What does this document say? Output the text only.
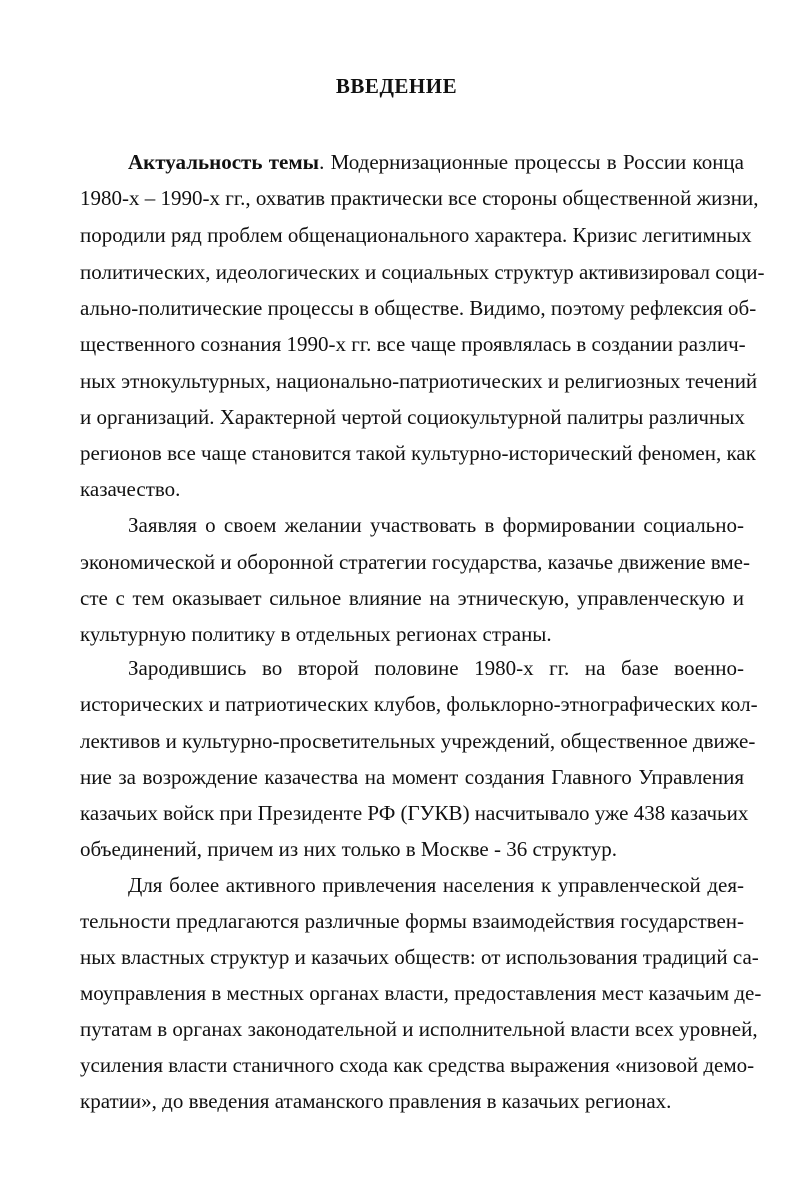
ВВЕДЕНИЕ
Актуальность темы. Модернизационные процессы в России конца
1980-х – 1990-х гг., охватив практически все стороны общественной жизни,
породили ряд проблем общенационального характера. Кризис легитимных
политических, идеологических и социальных структур активизировал соци-
ально-политические процессы в обществе. Видимо, поэтому рефлексия об-
щественного сознания 1990-х гг. все чаще проявлялась в создании различ-
ных этнокультурных, национально-патриотических и религиозных течений
и организаций. Характерной чертой социокультурной палитры различных
регионов все чаще становится такой культурно-исторический феномен, как
казачество.
Заявляя о своем желании участвовать в формировании социально-
экономической и оборонной стратегии государства, казачье движение вме-
сте с тем оказывает сильное влияние на этническую, управленческую и
культурную политику в отдельных регионах страны.
Зародившись во второй половине 1980-х гг. на базе военно-
исторических и патриотических клубов, фольклорно-этнографических кол-
лективов и культурно-просветительных учреждений, общественное движе-
ние за возрождение казачества на момент создания Главного Управления
казачьих войск при Президенте РФ (ГУКВ) насчитывало уже 438 казачьих
объединений, причем из них только в Москве - 36 структур.
Для более активного привлечения населения к управленческой дея-
тельности предлагаются различные формы взаимодействия государствен-
ных властных структур и казачьих обществ: от использования традиций са-
моуправления в местных органах власти, предоставления мест казачьим де-
путатам в органах законодательной и исполнительной власти всех уровней,
усиления власти станичного схода как средства выражения «низовой демо-
кратии», до введения атаманского правления в казачьих регионах.
